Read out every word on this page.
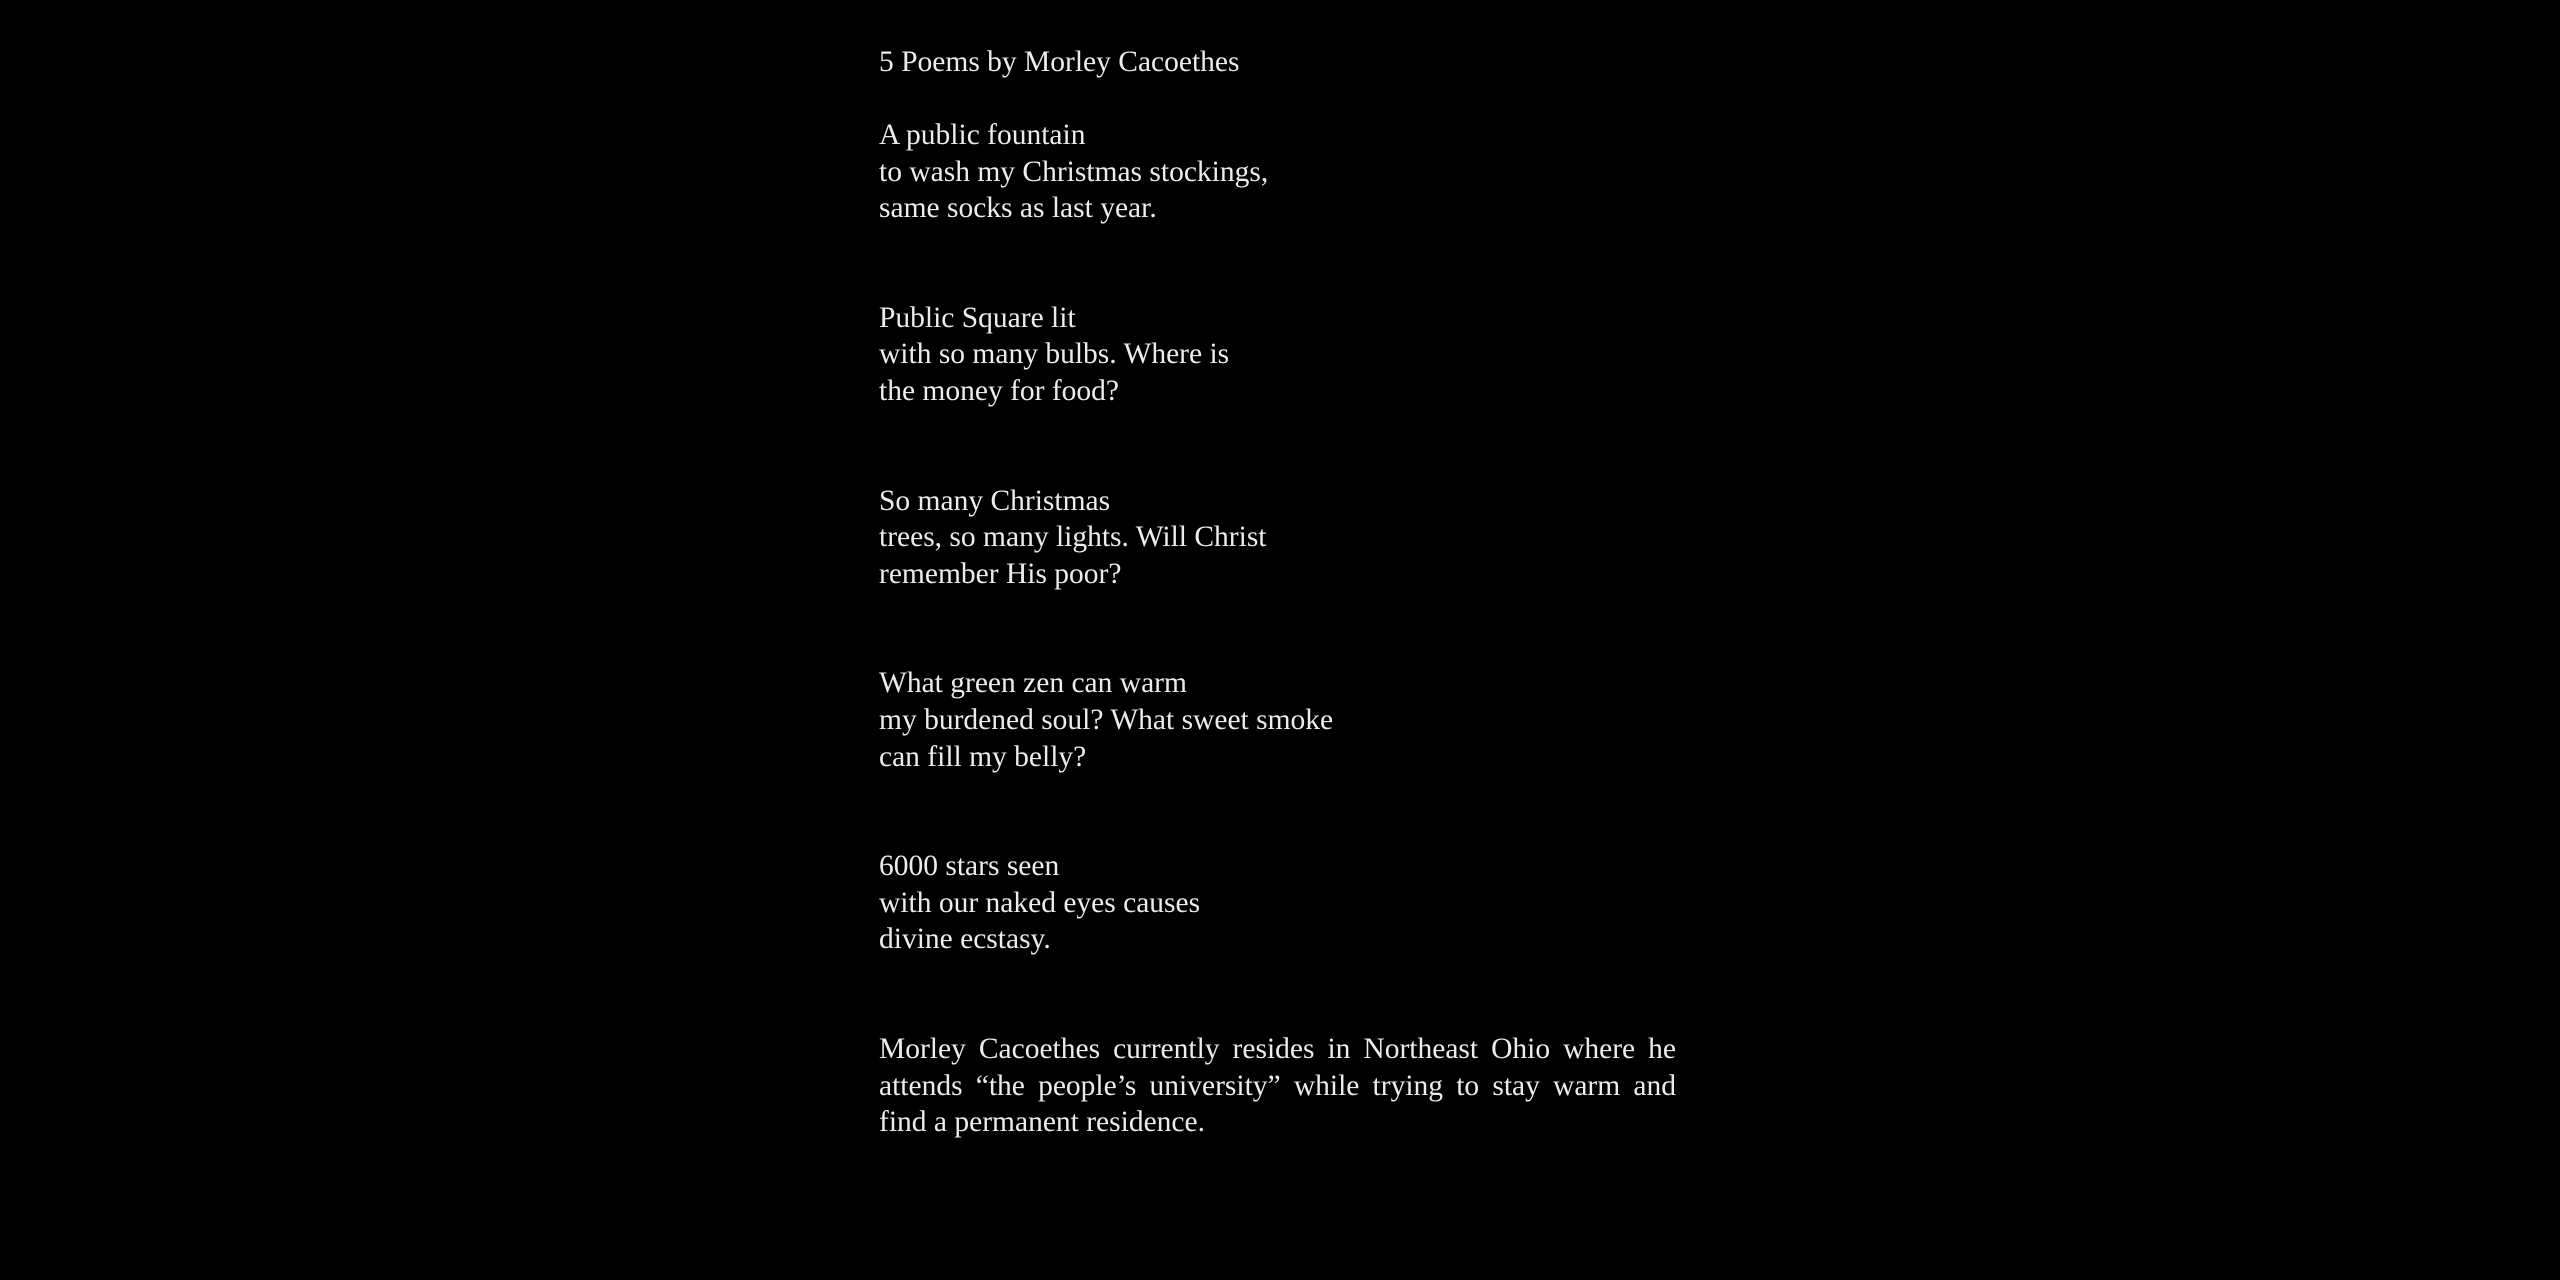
5 Poems by Morley Cacoethes
A public fountain
to wash my Christmas stockings,
same socks as last year.
Public Square lit
with so many bulbs. Where is
the money for food?
So many Christmas
trees, so many lights. Will Christ
remember His poor?
What green zen can warm
my burdened soul? What sweet smoke
can fill my belly?
6000 stars seen
with our naked eyes causes
divine ecstasy.

Morley Cacoethes currently resides in Northeast Ohio where he attends “the people’s university” while trying to stay warm and find a permanent residence.
